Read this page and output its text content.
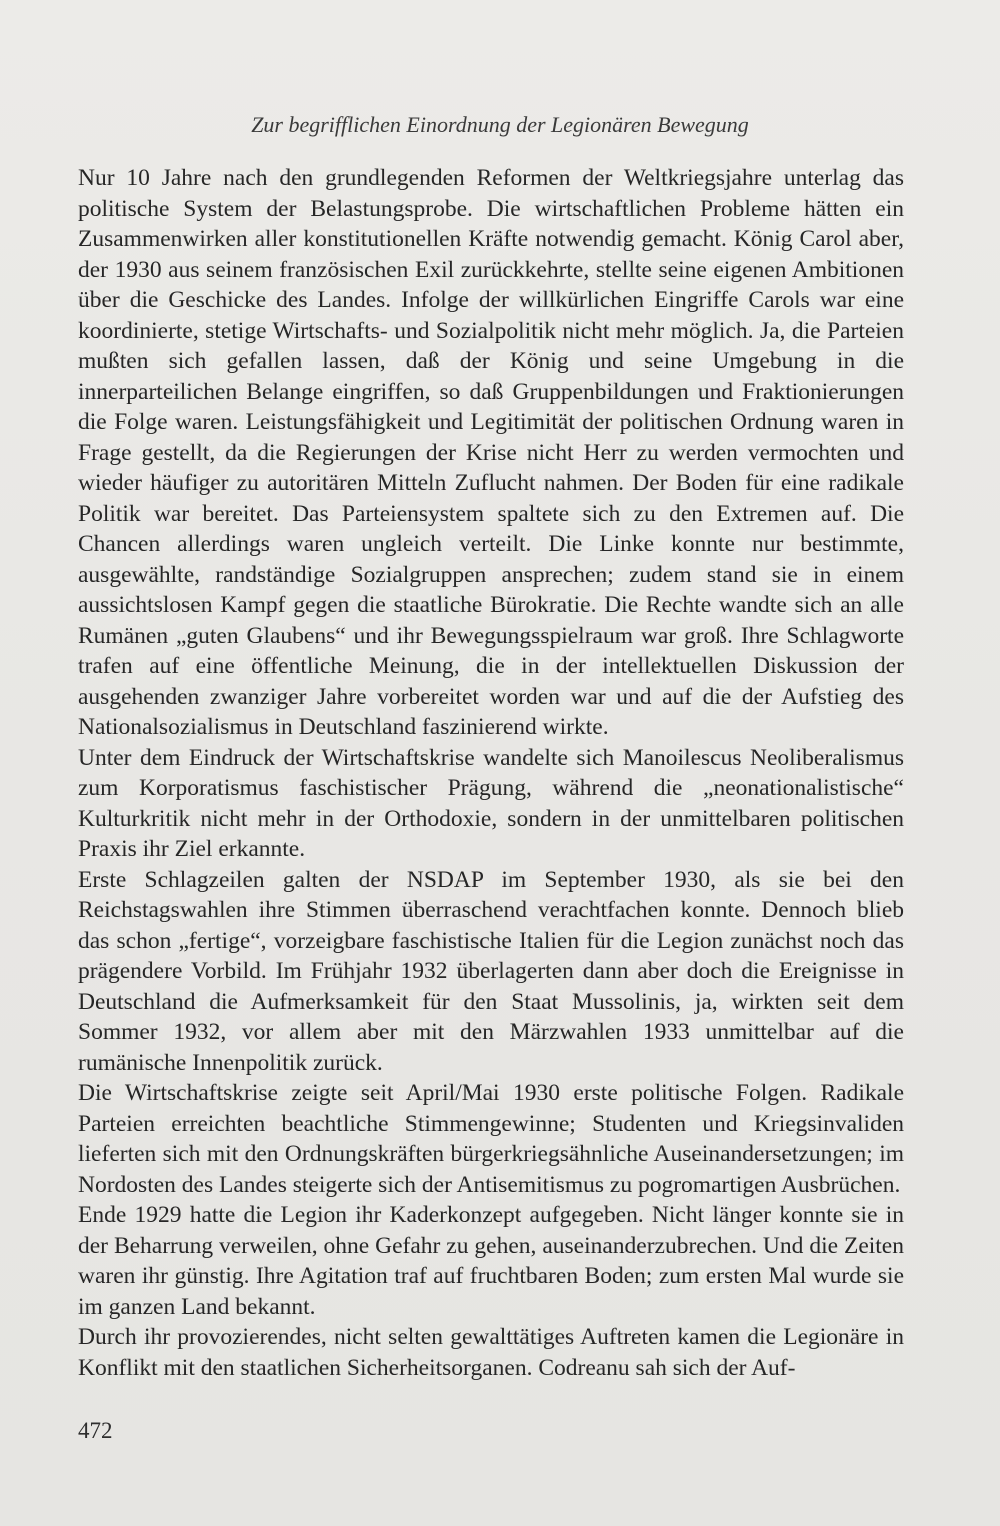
Zur begrifflichen Einordnung der Legionären Bewegung

Nur 10 Jahre nach den grundlegenden Reformen der Weltkriegsjahre unterlag das politische System der Belastungsprobe. Die wirtschaftlichen Probleme hätten ein Zusammenwirken aller konstitutionellen Kräfte notwendig gemacht. König Carol aber, der 1930 aus seinem französischen Exil zurückkehrte, stellte seine eigenen Ambitionen über die Geschicke des Landes. Infolge der willkürlichen Eingriffe Carols war eine koordinierte, stetige Wirtschafts- und Sozialpolitik nicht mehr möglich. Ja, die Parteien mußten sich gefallen lassen, daß der König und seine Umgebung in die innerparteilichen Belange eingriffen, so daß Gruppenbildungen und Fraktionierungen die Folge waren. Leistungsfähigkeit und Legitimität der politischen Ordnung waren in Frage gestellt, da die Regierungen der Krise nicht Herr zu werden vermochten und wieder häufiger zu autoritären Mitteln Zuflucht nahmen. Der Boden für eine radikale Politik war bereitet. Das Parteiensystem spaltete sich zu den Extremen auf. Die Chancen allerdings waren ungleich verteilt. Die Linke konnte nur bestimmte, ausgewählte, randständige Sozialgruppen ansprechen; zudem stand sie in einem aussichtslosen Kampf gegen die staatliche Bürokratie. Die Rechte wandte sich an alle Rumänen „guten Glaubens“ und ihr Bewegungsspielraum war groß. Ihre Schlagworte trafen auf eine öffentliche Meinung, die in der intellektuellen Diskussion der ausgehenden zwanziger Jahre vorbereitet worden war und auf die der Aufstieg des Nationalsozialismus in Deutschland faszinierend wirkte.

Unter dem Eindruck der Wirtschaftskrise wandelte sich Manoilescus Neoliberalismus zum Korporatismus faschistischer Prägung, während die „neonationalistische“ Kulturkritik nicht mehr in der Orthodoxie, sondern in der unmittelbaren politischen Praxis ihr Ziel erkannte.

Erste Schlagzeilen galten der NSDAP im September 1930, als sie bei den Reichstagswahlen ihre Stimmen überraschend verachtfachen konnte. Dennoch blieb das schon „fertige“, vorzeigbare faschistische Italien für die Legion zunächst noch das prägendere Vorbild. Im Frühjahr 1932 überlagerten dann aber doch die Ereignisse in Deutschland die Aufmerksamkeit für den Staat Mussolinis, ja, wirkten seit dem Sommer 1932, vor allem aber mit den Märzwahlen 1933 unmittelbar auf die rumänische Innenpolitik zurück.

Die Wirtschaftskrise zeigte seit April/Mai 1930 erste politische Folgen. Radikale Parteien erreichten beachtliche Stimmengewinne; Studenten und Kriegsinvaliden lieferten sich mit den Ordnungskräften bürgerkriegsähnliche Auseinandersetzungen; im Nordosten des Landes steigerte sich der Antisemitismus zu pogromartigen Ausbrüchen.

Ende 1929 hatte die Legion ihr Kaderkonzept aufgegeben. Nicht länger konnte sie in der Beharrung verweilen, ohne Gefahr zu gehen, auseinanderzubrechen. Und die Zeiten waren ihr günstig. Ihre Agitation traf auf fruchtbaren Boden; zum ersten Mal wurde sie im ganzen Land bekannt.

Durch ihr provozierendes, nicht selten gewalttätiges Auftreten kamen die Legionäre in Konflikt mit den staatlichen Sicherheitsorganen. Codreanu sah sich der Auf-

472
